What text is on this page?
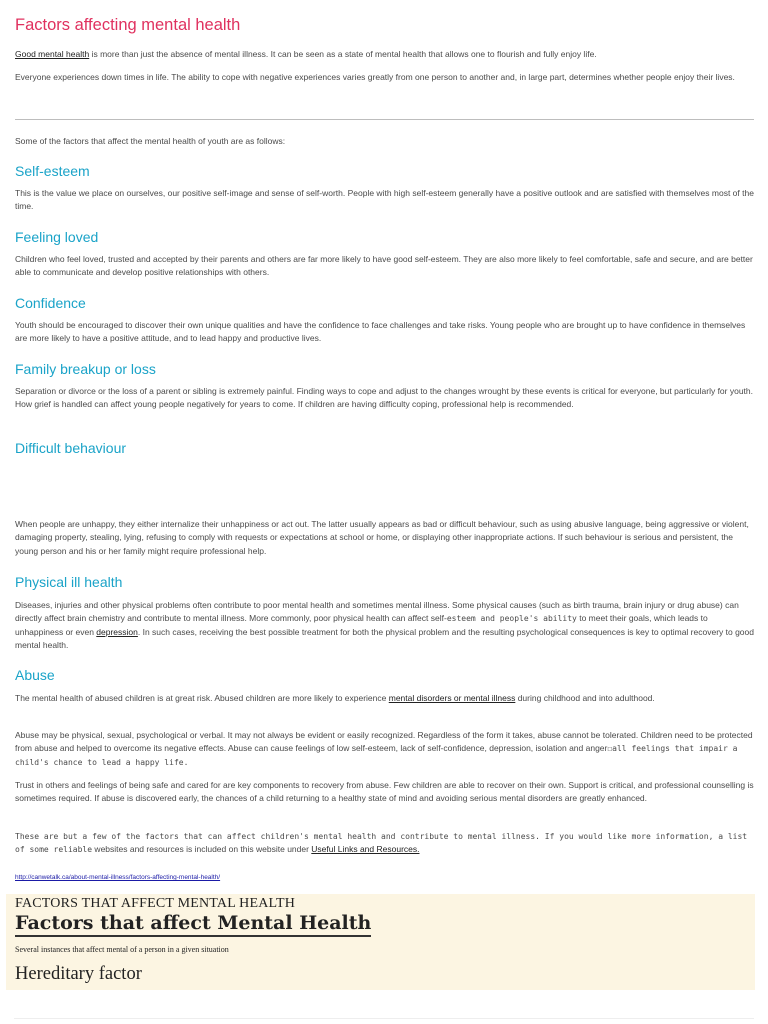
Factors affecting mental health

Good mental health is more than just the absence of mental illness. It can be seen as a state of mental health that allows one to flourish and fully enjoy life.

Everyone experiences down times in life. The ability to cope with negative experiences varies greatly from one person to another and, in large part, determines whether people enjoy their lives.

Some of the factors that affect the mental health of youth are as follows:

Self-esteem

This is the value we place on ourselves, our positive self-image and sense of self-worth. People with high self-esteem generally have a positive outlook and are satisfied with themselves most of the time.

Feeling loved

Children who feel loved, trusted and accepted by their parents and others are far more likely to have good self-esteem. They are also more likely to feel comfortable, safe and secure, and are better able to communicate and develop positive relationships with others.

Confidence

Youth should be encouraged to discover their own unique qualities and have the confidence to face challenges and take risks. Young people who are brought up to have confidence in themselves are more likely to have a positive attitude, and to lead happy and productive lives.

Family breakup or loss

Separation or divorce or the loss of a parent or sibling is extremely painful. Finding ways to cope and adjust to the changes wrought by these events is critical for everyone, but particularly for youth. How grief is handled can affect young people negatively for years to come. If children are having difficulty coping, professional help is recommended.

Difficult behaviour

When people are unhappy, they either internalize their unhappiness or act out. The latter usually appears as bad or difficult behaviour, such as using abusive language, being aggressive or violent, damaging property, stealing, lying, refusing to comply with requests or expectations at school or home, or displaying other inappropriate actions. If such behaviour is serious and persistent, the young person and his or her family might require professional help.

Physical ill health

Diseases, injuries and other physical problems often contribute to poor mental health and sometimes mental illness. Some physical causes (such as birth trauma, brain injury or drug abuse) can directly affect brain chemistry and contribute to mental illness. More commonly, poor physical health can affect self-esteem and people's ability to meet their goals, which leads to unhappiness or even depression. In such cases, receiving the best possible treatment for both the physical problem and the resulting psychological consequences is key to optimal recovery to good mental health.

Abuse

The mental health of abused children is at great risk. Abused children are more likely to experience mental disorders or mental illness during childhood and into adulthood.

Abuse may be physical, sexual, psychological or verbal. It may not always be evident or easily recognized. Regardless of the form it takes, abuse cannot be tolerated. Children need to be protected from abuse and helped to overcome its negative effects. Abuse can cause feelings of low self-esteem, lack of self-confidence, depression, isolation and anger☐all feelings that impair a child's chance to lead a happy life.

Trust in others and feelings of being safe and cared for are key components to recovery from abuse. Few children are able to recover on their own. Support is critical, and professional counselling is sometimes required. If abuse is discovered early, the chances of a child returning to a healthy state of mind and avoiding serious mental disorders are greatly enhanced.

These are but a few of the factors that can affect children's mental health and contribute to mental illness. If you would like more information, a list of some reliable websites and resources is included on this website under Useful Links and Resources.

http://canwetalk.ca/about-mental-illness/factors-affecting-mental-health/
FACTORS THAT AFFECT MENTAL HEALTH
Factors that affect Mental Health
Several instances that affect mental of a person in a given situation
Hereditary factor
